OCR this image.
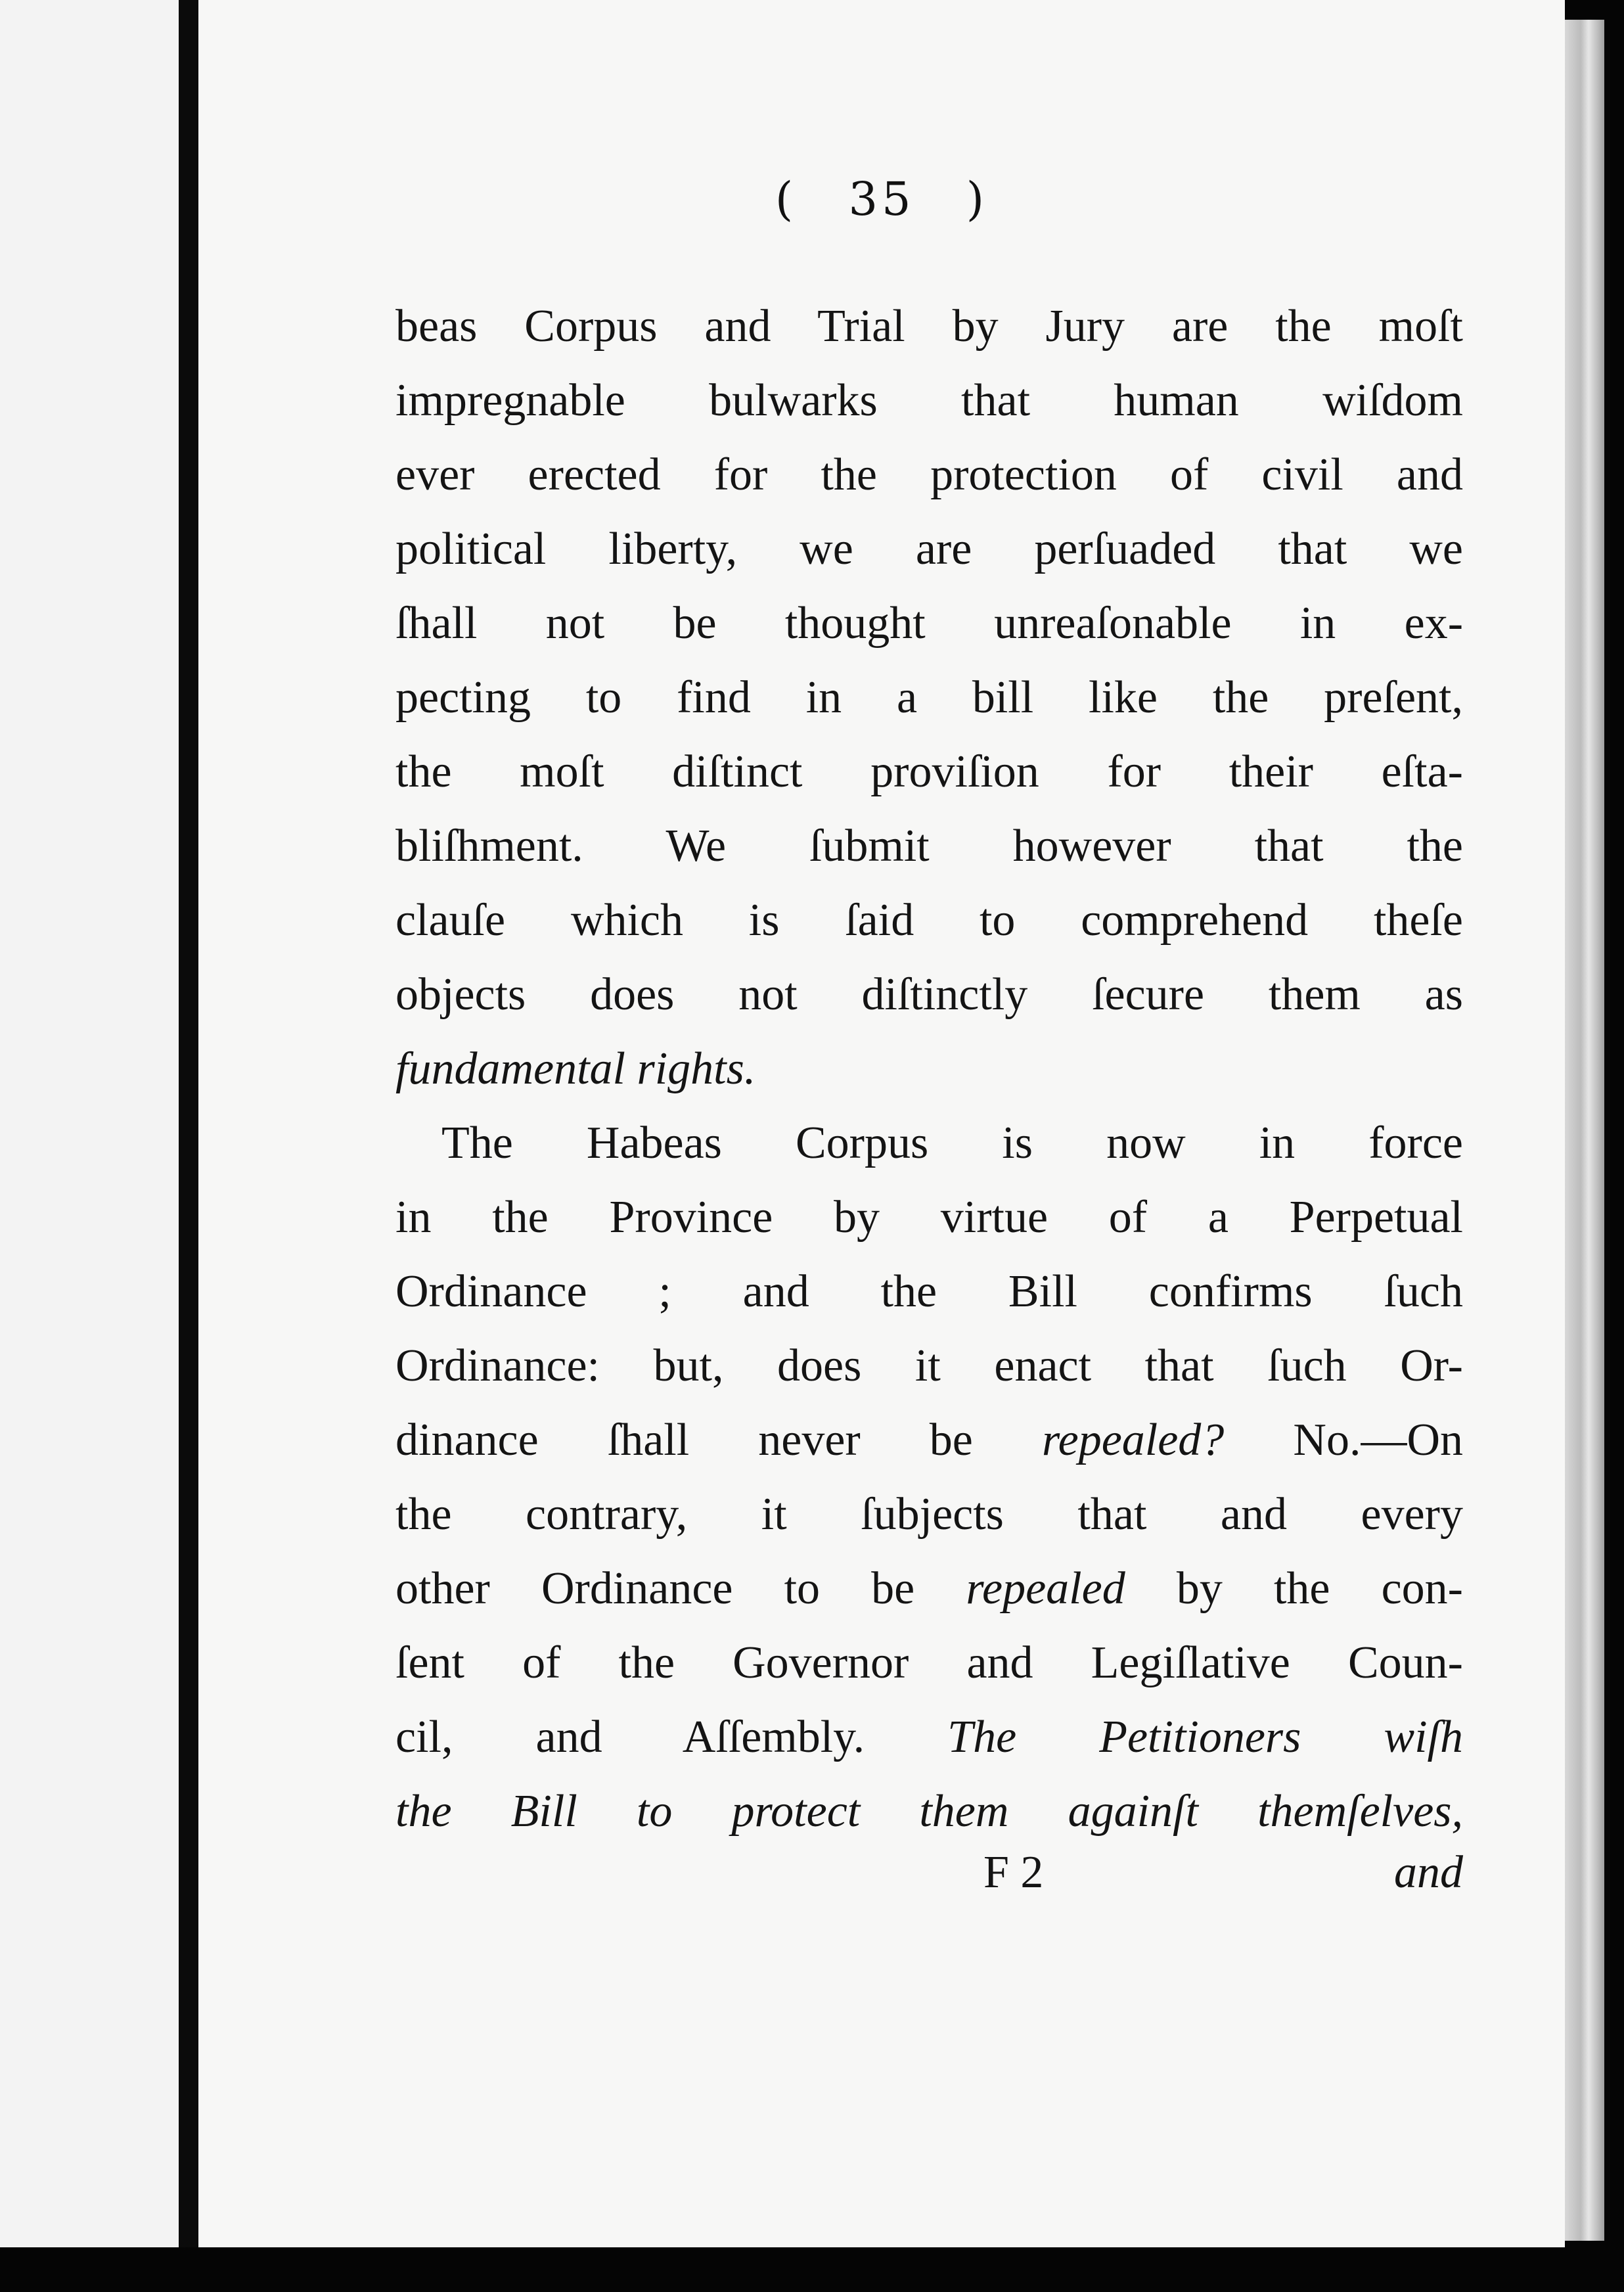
( 35 )
beas Corpus and Trial by Jury are the moſt
impregnable bulwarks that human wiſdom
ever erected for the protection of civil and
political liberty, we are perſuaded that we
ſhall not be thought unreaſonable in ex-
pecting to find in a bill like the preſent,
the moſt diſtinct proviſion for their eſta-
bliſhment. We ſubmit however that the
clauſe which is ſaid to comprehend theſe
objects does not diſtinctly ſecure them as
fundamental rights.
The Habeas Corpus is now in force
in the Province by virtue of a Perpetual
Ordinance ; and the Bill confirms ſuch
Ordinance: but, does it enact that ſuch Or-
dinance ſhall never be repealed? No.—On
the contrary, it ſubjects that and every
other Ordinance to be repealed by the con-
ſent of the Governor and Legiſlative Coun-
cil, and Aſſembly. The Petitioners wiſh
the Bill to protect them againſt themſelves,
F 2	and
